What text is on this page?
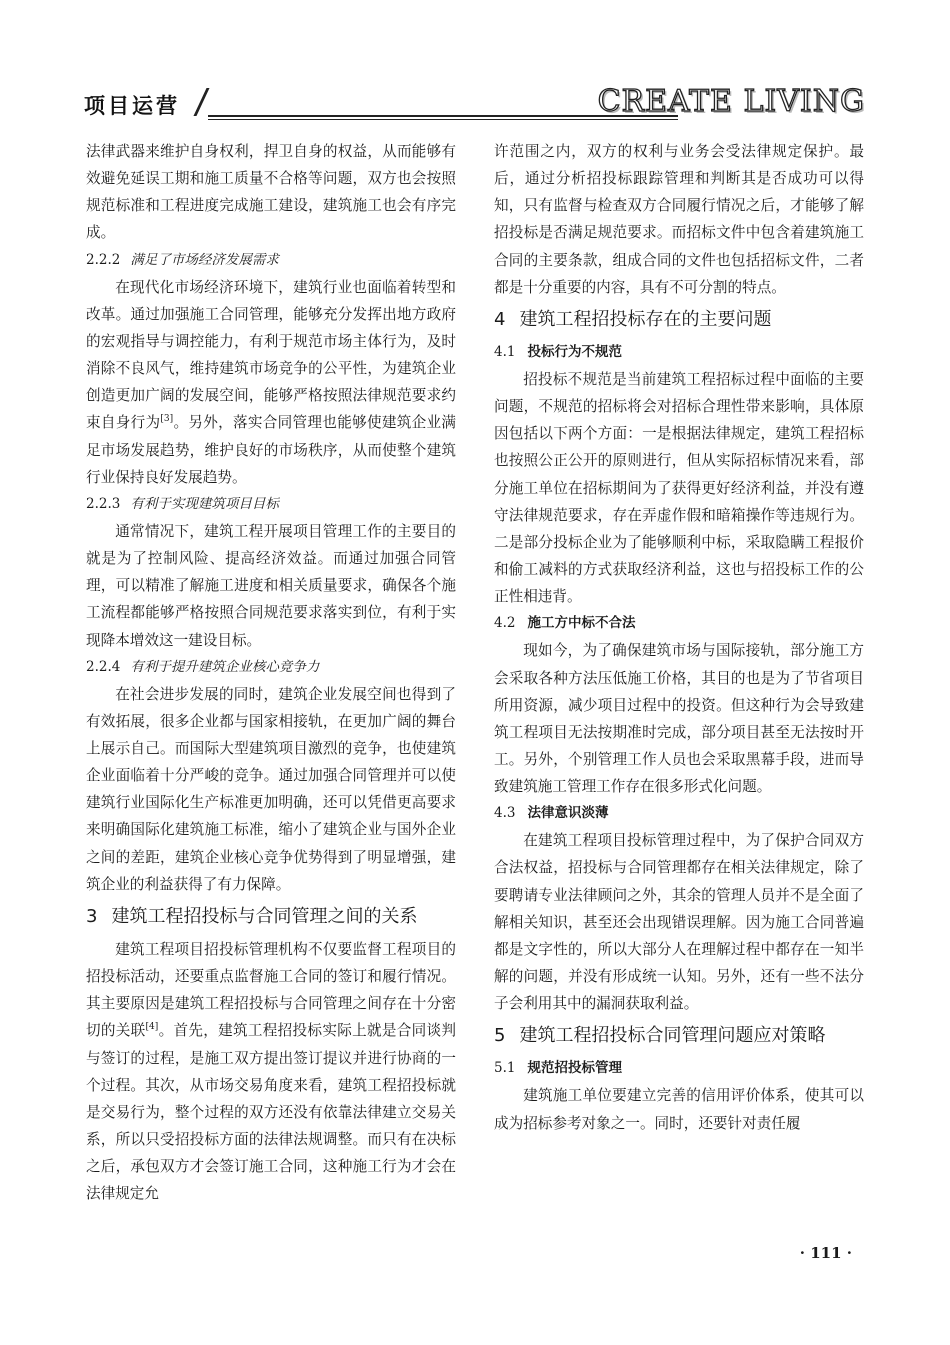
项目运营	CREATE LIVING

法律武器来维护自身权利，捍卫自身的权益，从而能够有效避免延误工期和施工质量不合格等问题，双方也会按照规范标准和工程进度完成施工建设，建筑施工也会有序完成。

2.2.2 满足了市场经济发展需求

在现代化市场经济环境下，建筑行业也面临着转型和改革。通过加强施工合同管理，能够充分发挥出地方政府的宏观指导与调控能力，有利于规范市场主体行为，及时消除不良风气，维持建筑市场竞争的公平性，为建筑企业创造更加广阔的发展空间，能够严格按照法律规范要求约束自身行为[3]。另外，落实合同管理也能够使建筑企业满足市场发展趋势，维护良好的市场秩序，从而使整个建筑行业保持良好发展趋势。

2.2.3 有利于实现建筑项目目标

通常情况下，建筑工程开展项目管理工作的主要目的就是为了控制风险、提高经济效益。而通过加强合同管理，可以精准了解施工进度和相关质量要求，确保各个施工流程都能够严格按照合同规范要求落实到位，有利于实现降本增效这一建设目标。

2.2.4 有利于提升建筑企业核心竞争力

在社会进步发展的同时，建筑企业发展空间也得到了有效拓展，很多企业都与国家相接轨，在更加广阔的舞台上展示自己。而国际大型建筑项目激烈的竞争，也使建筑企业面临着十分严峻的竞争。通过加强合同管理并可以使建筑行业国际化生产标准更加明确，还可以凭借更高要求来明确国际化建筑施工标准，缩小了建筑企业与国外企业之间的差距，建筑企业核心竞争优势得到了明显增强，建筑企业的利益获得了有力保障。

3 建筑工程招投标与合同管理之间的关系

建筑工程项目招投标管理机构不仅要监督工程项目的招投标活动，还要重点监督施工合同的签订和履行情况。其主要原因是建筑工程招投标与合同管理之间存在十分密切的关联[4]。首先，建筑工程招投标实际上就是合同谈判与签订的过程，是施工双方提出签订提议并进行协商的一个过程。其次，从市场交易角度来看，建筑工程招投标就是交易行为，整个过程的双方还没有依靠法律建立交易关系，所以只受招投标方面的法律法规调整。而只有在决标之后，承包双方才会签订施工合同，这种施工行为才会在法律规定允

许范围之内，双方的权利与业务会受法律规定保护。最后，通过分析招投标跟踪管理和判断其是否成功可以得知，只有监督与检查双方合同履行情况之后，才能够了解招投标是否满足规范要求。而招标文件中包含着建筑施工合同的主要条款，组成合同的文件也包括招标文件，二者都是十分重要的内容，具有不可分割的特点。

4 建筑工程招投标存在的主要问题
4.1 投标行为不规范

招投标不规范是当前建筑工程招标过程中面临的主要问题，不规范的招标将会对招标合理性带来影响，具体原因包括以下两个方面：一是根据法律规定，建筑工程招标也按照公正公开的原则进行，但从实际招标情况来看，部分施工单位在招标期间为了获得更好经济利益，并没有遵守法律规范要求，存在弄虚作假和暗箱操作等违规行为。二是部分投标企业为了能够顺利中标，采取隐瞒工程报价和偷工减料的方式获取经济利益，这也与招投标工作的公正性相违背。

4.2 施工方中标不合法

现如今，为了确保建筑市场与国际接轨，部分施工方会采取各种方法压低施工价格，其目的也是为了节省项目所用资源，减少项目过程中的投资。但这种行为会导致建筑工程项目无法按期准时完成，部分项目甚至无法按时开工。另外，个别管理工作人员也会采取黑幕手段，进而导致建筑施工管理工作存在很多形式化问题。

4.3 法律意识淡薄

在建筑工程项目投标管理过程中，为了保护合同双方合法权益，招投标与合同管理都存在相关法律规定，除了要聘请专业法律顾问之外，其余的管理人员并不是全面了解相关知识，甚至还会出现错误理解。因为施工合同普遍都是文字性的，所以大部分人在理解过程中都存在一知半解的问题，并没有形成统一认知。另外，还有一些不法分子会利用其中的漏洞获取利益。

5 建筑工程招投标合同管理问题应对策略
5.1 规范招投标管理

建筑施工单位要建立完善的信用评价体系，使其可以成为招标参考对象之一。同时，还要针对责任履

· 111 ·
